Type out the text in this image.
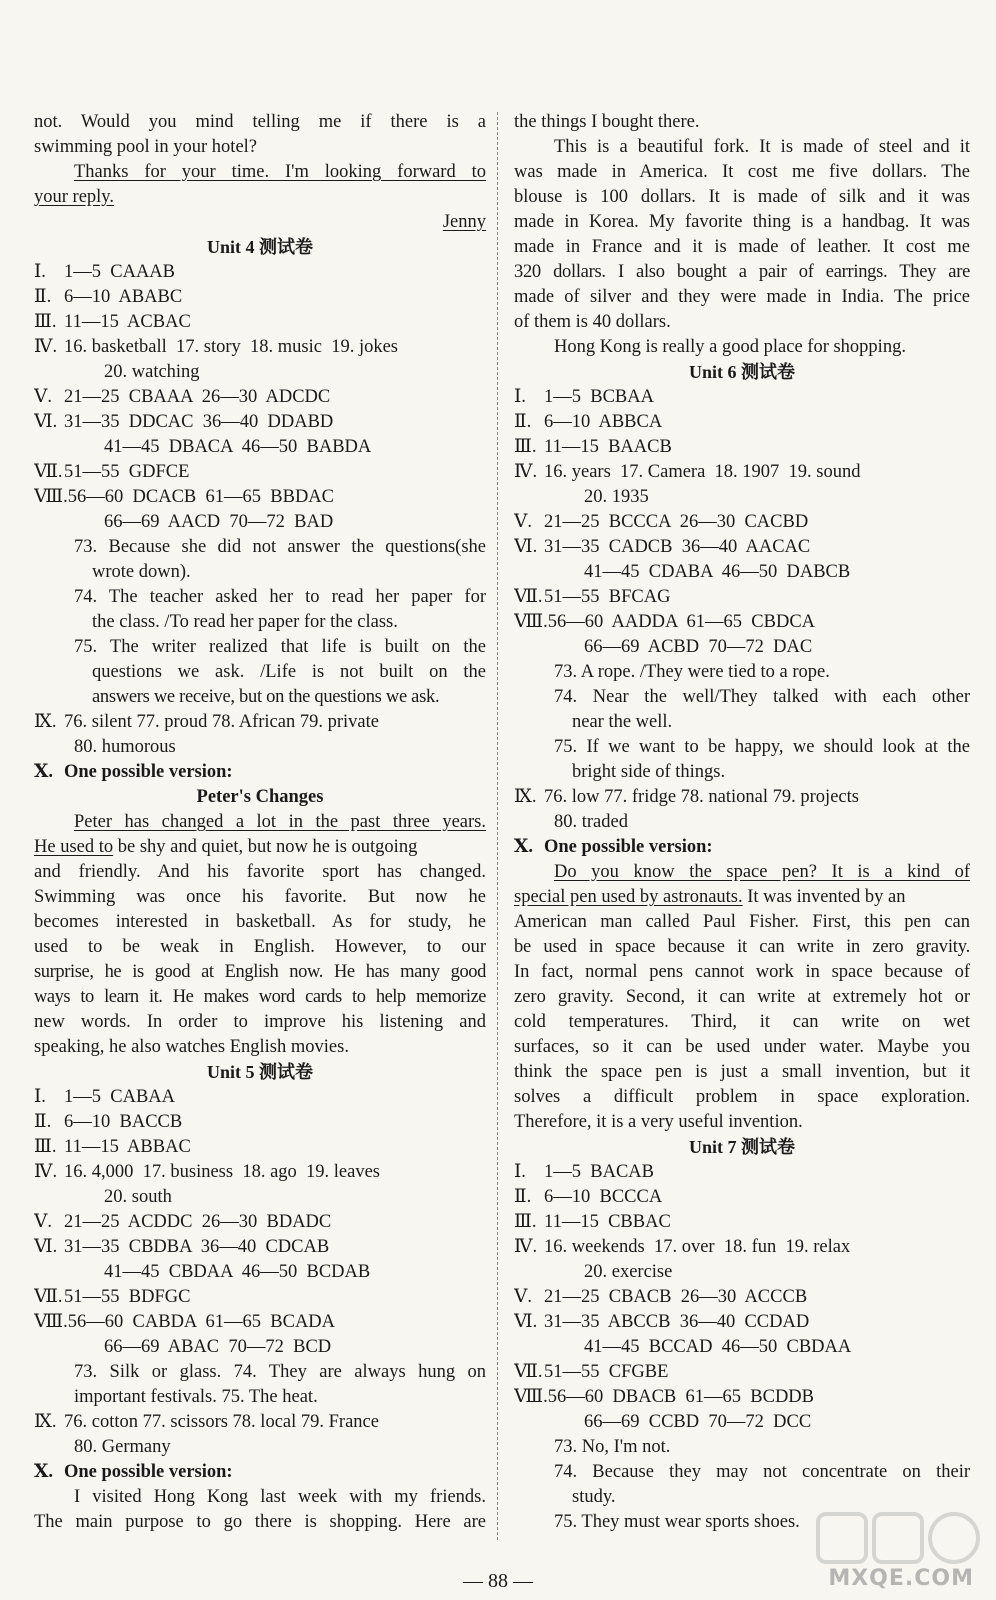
not. Would you mind telling me if there is a
swimming pool in your hotel?
Thanks for your time. I'm looking forward to
your reply.
Jenny
Unit 4 测试卷
Ⅰ. 1—5  CAAAB
Ⅱ. 6—10  ABABC
Ⅲ. 11—15  ACBAC
Ⅳ. 16. basketball  17. story  18. music  19. jokes
20. watching
Ⅴ. 21—25  CBAAA  26—30  ADCDC
Ⅵ. 31—35  DDCAC  36—40  DDABD
41—45  DBACA  46—50  BABDA
Ⅶ.51—55  GDFCE
Ⅷ.56—60  DCACB  61—65  BBDAC
66—69  AACD  70—72  BAD
73. Because she did not answer the questions(she
wrote down).
74. The teacher asked her to read her paper for
the class. /To read her paper for the class.
75. The writer realized that life is built on the
questions we ask. /Life is not built on the
answers we receive, but on the questions we ask.
Ⅸ. 76. silent 77. proud 78. African 79. private
80. humorous
Ⅹ. One possible version:
Peter's Changes
Peter has changed a lot in the past three years.
He used to be shy and quiet, but now he is outgoing
and friendly. And his favorite sport has changed.
Swimming was once his favorite. But now he
becomes interested in basketball. As for study, he
used to be weak in English. However, to our
surprise, he is good at English now. He has many good
ways to learn it. He makes word cards to help memorize
new words. In order to improve his listening and
speaking, he also watches English movies.
Unit 5 测试卷
Ⅰ. 1—5  CABAA
Ⅱ. 6—10  BACCB
Ⅲ. 11—15  ABBAC
Ⅳ. 16. 4,000  17. business  18. ago  19. leaves
20. south
Ⅴ. 21—25  ACDDC  26—30  BDADC
Ⅵ. 31—35  CBDBA  36—40  CDCAB
41—45  CBDAA  46—50  BCDAB
Ⅶ.51—55  BDFGC
Ⅷ.56—60  CABDA  61—65  BCADA
66—69  ABAC  70—72  BCD
73. Silk or glass. 74. They are always hung on
important festivals. 75. The heat.
Ⅸ. 76. cotton 77. scissors 78. local 79. France
80. Germany
Ⅹ. One possible version:
I visited Hong Kong last week with my friends.
The main purpose to go there is shopping. Here are
the things I bought there.
This is a beautiful fork. It is made of steel and it
was made in America. It cost me five dollars. The
blouse is 100 dollars. It is made of silk and it was
made in Korea. My favorite thing is a handbag. It was
made in France and it is made of leather. It cost me
320 dollars. I also bought a pair of earrings. They are
made of silver and they were made in India. The price
of them is 40 dollars.
Hong Kong is really a good place for shopping.
Unit 6 测试卷
Ⅰ. 1—5  BCBAA
Ⅱ. 6—10  ABBCA
Ⅲ. 11—15  BAACB
Ⅳ. 16. years  17. Camera  18. 1907  19. sound
20. 1935
Ⅴ. 21—25  BCCCA  26—30  CACBD
Ⅵ. 31—35  CADCB  36—40  AACAC
41—45  CDABA  46—50  DABCB
Ⅶ.51—55  BFCAG
Ⅷ.56—60  AADDA  61—65  CBDCA
66—69  ACBD  70—72  DAC
73. A rope. /They were tied to a rope.
74. Near the well/They talked with each other
near the well.
75. If we want to be happy, we should look at the
bright side of things.
Ⅸ. 76. low 77. fridge 78. national 79. projects
80. traded
Ⅹ. One possible version:
Do you know the space pen? It is a kind of
special pen used by astronauts. It was invented by an
American man called Paul Fisher. First, this pen can
be used in space because it can write in zero gravity.
In fact, normal pens cannot work in space because of
zero gravity. Second, it can write at extremely hot or
cold temperatures. Third, it can write on wet
surfaces, so it can be used under water. Maybe you
think the space pen is just a small invention, but it
solves a difficult problem in space exploration.
Therefore, it is a very useful invention.
Unit 7 测试卷
Ⅰ. 1—5  BACAB
Ⅱ. 6—10  BCCCA
Ⅲ. 11—15  CBBAC
Ⅳ. 16. weekends  17. over  18. fun  19. relax
20. exercise
Ⅴ. 21—25  CBACB  26—30  ACCCB
Ⅵ. 31—35  ABCCB  36—40  CCDAD
41—45  BCCAD  46—50  CBDAA
Ⅶ.51—55  CFGBE
Ⅷ.56—60  DBACB  61—65  BCDDB
66—69  CCBD  70—72  DCC
73. No, I'm not.
74. Because they may not concentrate on their
study.
75. They must wear sports shoes.
— 88 —	MXQE.COM
